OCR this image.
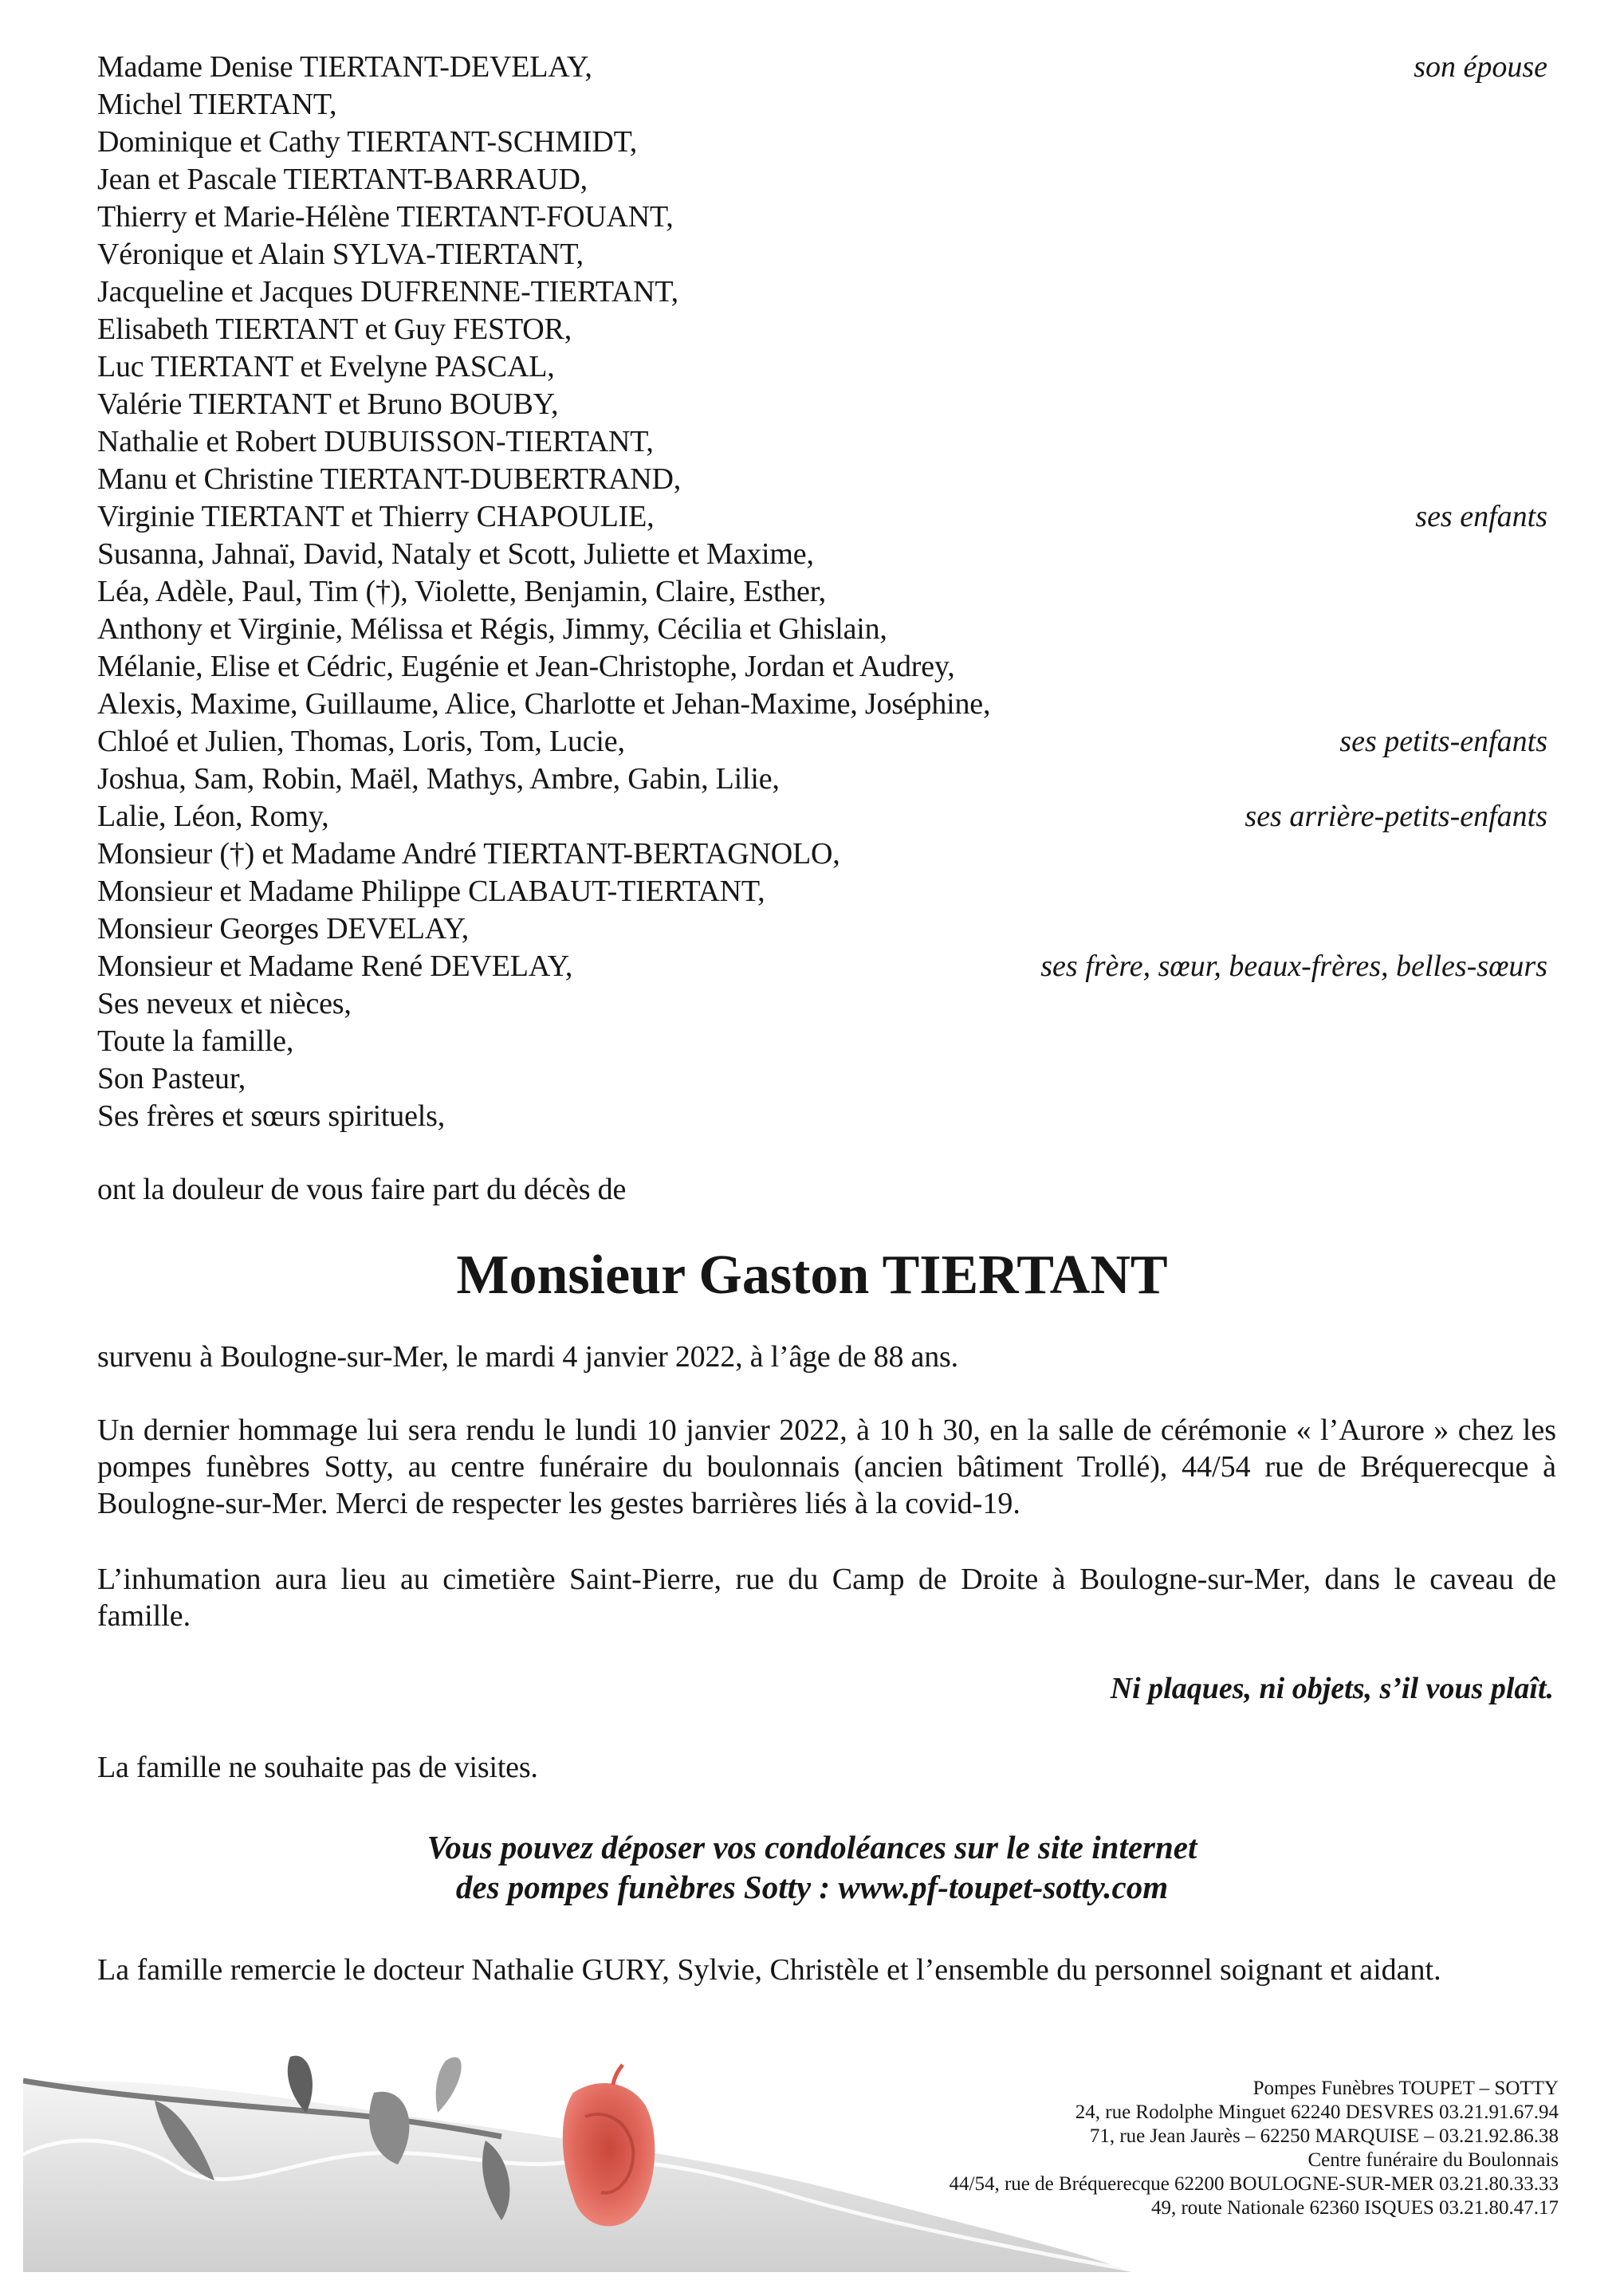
Madame Denise TIERTANT-DEVELAY,
Michel TIERTANT,
Dominique et Cathy TIERTANT-SCHMIDT,
Jean et Pascale TIERTANT-BARRAUD,
Thierry et Marie-Hélène TIERTANT-FOUANT,
Véronique et Alain SYLVA-TIERTANT,
Jacqueline et Jacques DUFRENNE-TIERTANT,
Elisabeth TIERTANT et Guy FESTOR,
Luc TIERTANT et Evelyne PASCAL,
Valérie TIERTANT et Bruno BOUBY,
Nathalie et Robert DUBUISSON-TIERTANT,
Manu et Christine TIERTANT-DUBERTRAND,
Virginie TIERTANT et Thierry CHAPOULIE,
Susanna, Jahnaï, David, Nataly et Scott, Juliette et Maxime,
Léa, Adèle, Paul, Tim (†), Violette, Benjamin, Claire, Esther,
Anthony et Virginie, Mélissa et Régis, Jimmy, Cécilia et Ghislain,
Mélanie, Elise et Cédric, Eugénie et Jean-Christophe, Jordan et Audrey,
Alexis, Maxime, Guillaume, Alice, Charlotte et Jehan-Maxime, Joséphine,
Chloé et Julien, Thomas, Loris, Tom, Lucie,
Joshua, Sam, Robin, Maël, Mathys, Ambre, Gabin, Lilie,
Lalie, Léon, Romy,
Monsieur (†) et Madame André TIERTANT-BERTAGNOLO,
Monsieur et Madame Philippe CLABAUT-TIERTANT,
Monsieur Georges DEVELAY,
Monsieur et Madame René DEVELAY,
Ses neveux et nièces,
Toute la famille,
Son Pasteur,
Ses frères et sœurs spirituels,
son épouse
ses enfants
ses petits-enfants
ses arrière-petits-enfants
ses frère, sœur, beaux-frères, belles-sœurs
ont la douleur de vous faire part du décès de
Monsieur Gaston TIERTANT
survenu à Boulogne-sur-Mer, le mardi 4 janvier 2022, à l’âge de 88 ans.
Un dernier hommage lui sera rendu le lundi 10 janvier 2022, à 10 h 30, en la salle de cérémonie « l’Aurore » chez les pompes funèbres Sotty, au centre funéraire du boulonnais (ancien bâtiment Trollé), 44/54 rue de Bréquerecque à Boulogne-sur-Mer. Merci de respecter les gestes barrières liés à la covid-19.
L’inhumation aura lieu au cimetière Saint-Pierre, rue du Camp de Droite à Boulogne-sur-Mer, dans le caveau de famille.
Ni plaques, ni objets, s’il vous plaît.
La famille ne souhaite pas de visites.
Vous pouvez déposer vos condoléances sur le site internet
des pompes funèbres Sotty : www.pf-toupet-sotty.com
La famille remercie le docteur Nathalie GURY, Sylvie, Christèle et l’ensemble du personnel soignant et aidant.
Pompes Funèbres TOUPET – SOTTY
24, rue Rodolphe Minguet 62240 DESVRES 03.21.91.67.94
71, rue Jean Jaurès – 62250 MARQUISE – 03.21.92.86.38
Centre funéraire du Boulonnais
44/54, rue de Bréquerecque 62200 BOULOGNE-SUR-MER 03.21.80.33.33
49, route Nationale 62360 ISQUES 03.21.80.47.17
